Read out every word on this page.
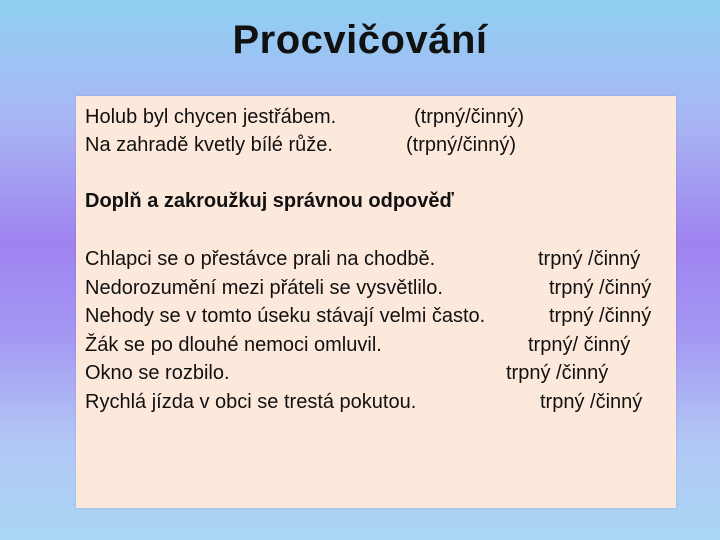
Procvičování
Holub byl chycen jestřábem.	(trpný/činný)
Na zahradě kvetly bílé růže.	(trpný/činný)
Doplň a zakroužkuj správnou odpověď
Chlapci se o přestávce prali na chodbě.	trpný /činný
Nedorozumění mezi přáteli se vysvětlilo.	trpný /činný
Nehody se v tomto úseku stávají velmi často.	trpný /činný
Žák se po dlouhé nemoci omluvil.	trpný/ činný
Okno se rozbilo.	trpný /činný
Rychlá jízda v obci se trestá pokutou.	trpný /činný
